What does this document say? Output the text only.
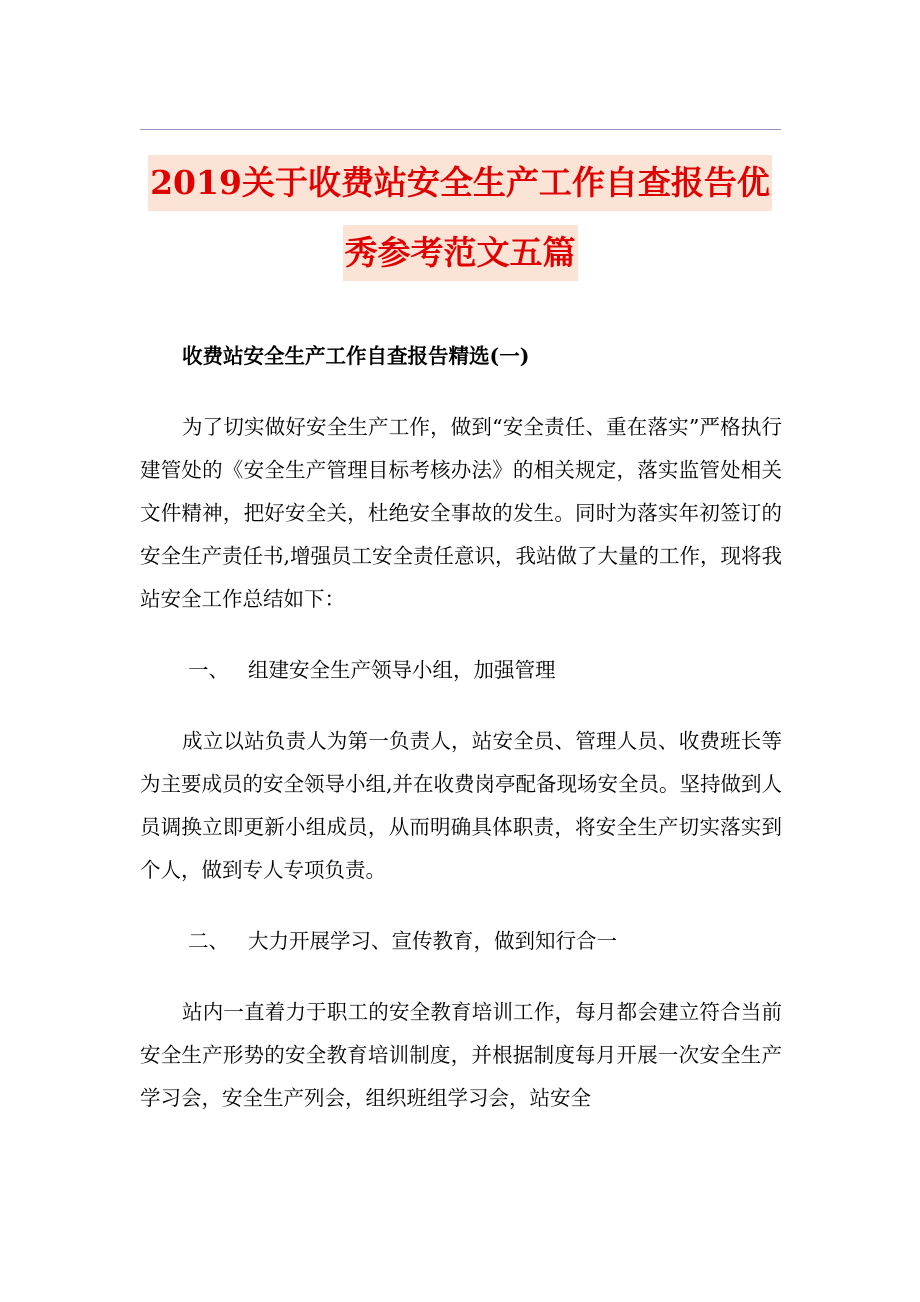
2019关于收费站安全生产工作自查报告优
秀参考范文五篇

收费站安全生产工作自查报告精选(一)

为了切实做好安全生产工作，做到“安全责任、重在落实”严格执行建管处的《安全生产管理目标考核办法》的相关规定，落实监管处相关文件精神，把好安全关，杜绝安全事故的发生。同时为落实年初签订的安全生产责任书,增强员工安全责任意识，我站做了大量的工作，现将我站安全工作总结如下：

一、 组建安全生产领导小组，加强管理

成立以站负责人为第一负责人，站安全员、管理人员、收费班长等为主要成员的安全领导小组,并在收费岗亭配备现场安全员。坚持做到人员调换立即更新小组成员，从而明确具体职责，将安全生产切实落实到个人，做到专人专项负责。

二、 大力开展学习、宣传教育，做到知行合一

站内一直着力于职工的安全教育培训工作，每月都会建立符合当前安全生产形势的安全教育培训制度，并根据制度每月开展一次安全生产学习会，安全生产列会，组织班组学习会，站安全
